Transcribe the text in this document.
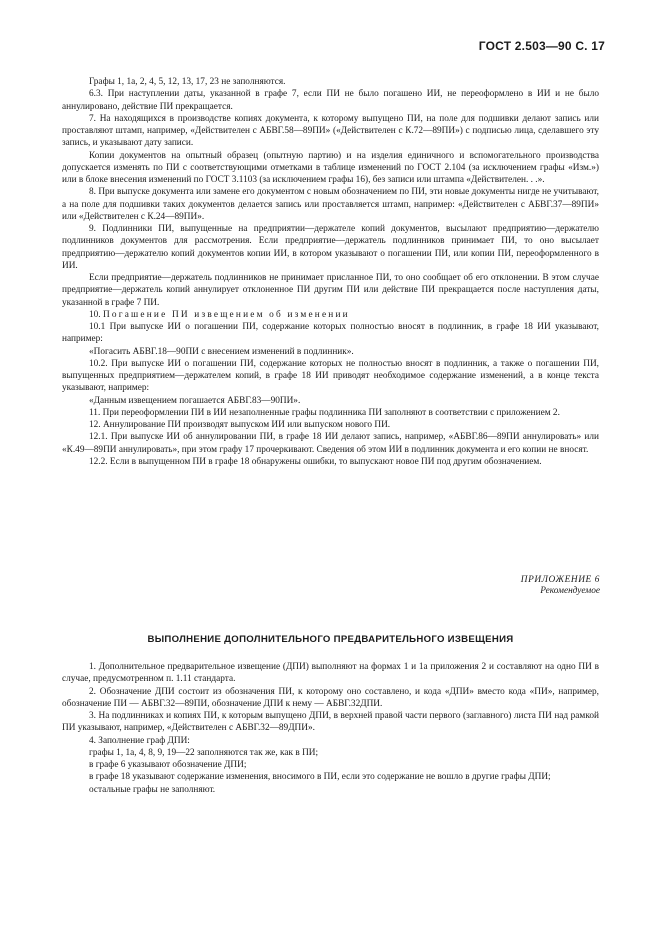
ГОСТ 2.503—90 С. 17

Графы 1, 1а, 2, 4, 5, 12, 13, 17, 23 не заполняются.

6.3. При наступлении даты, указанной в графе 7, если ПИ не было погашено ИИ, не переоформлено в ИИ и не было аннулировано, действие ПИ прекращается.

7. На находящихся в производстве копиях документа, к которому выпущено ПИ, на поле для подшивки делают запись или проставляют штамп, например, «Действителен с АБВГ.58—89ПИ» («Действителен с К.72—89ПИ») с подписью лица, сделавшего эту запись, и указывают дату записи.

Копии документов на опытный образец (опытную партию) и на изделия единичного и вспомогательного производства допускается изменять по ПИ с соответствующими отметками в таблице изменений по ГОСТ 2.104 (за исключением графы «Изм.») или в блоке внесения изменений по ГОСТ 3.1103 (за исключением графы 16), без записи или штампа «Действителен. . .».

8. При выпуске документа или замене его документом с новым обозначением по ПИ, эти новые документы нигде не учитывают, а на поле для подшивки таких документов делается запись или проставляется штамп, например: «Действителен с АБВГ.37—89ПИ» или «Действителен с К.24—89ПИ».

9. Подлинники ПИ, выпущенные на предприятии—держателе копий документов, высылают предприятию—держателю подлинников документов для рассмотрения. Если предприятие—держатель подлинников принимает ПИ, то оно высылает предприятию—держателю копий документов копии ИИ, в котором указывают о погашении ПИ, или копии ПИ, переоформленного в ИИ.

Если предприятие—держатель подлинников не принимает присланное ПИ, то оно сообщает об его отклонении. В этом случае предприятие—держатель копий аннулирует отклоненное ПИ другим ПИ или действие ПИ прекращается после наступления даты, указанной в графе 7 ПИ.

10. Погашение ПИ извещением об изменении

10.1 При выпуске ИИ о погашении ПИ, содержание которых полностью вносят в подлинник, в графе 18 ИИ указывают, например:

«Погасить АБВГ.18—90ПИ с внесением изменений в подлинник».

10.2. При выпуске ИИ о погашении ПИ, содержание которых не полностью вносят в подлинник, а также о погашении ПИ, выпущенных предприятием—держателем копий, в графе 18 ИИ приводят необходимое содержание изменений, а в конце текста указывают, например:

«Данным извещением погашается АБВГ.83—90ПИ».

11. При переоформлении ПИ в ИИ незаполненные графы подлинника ПИ заполняют в соответствии с приложением 2.

12. Аннулирование ПИ производят выпуском ИИ или выпуском нового ПИ.

12.1. При выпуске ИИ об аннулировании ПИ, в графе 18 ИИ делают запись, например, «АБВГ.86—89ПИ аннулировать» или «К.49—89ПИ аннулировать», при этом графу 17 прочеркивают. Сведения об этом ИИ в подлинник документа и его копии не вносят.

12.2. Если в выпущенном ПИ в графе 18 обнаружены ошибки, то выпускают новое ПИ под другим обозначением.

ПРИЛОЖЕНИЕ 6
Рекомендуемое
ВЫПОЛНЕНИЕ ДОПОЛНИТЕЛЬНОГО ПРЕДВАРИТЕЛЬНОГО ИЗВЕЩЕНИЯ

1. Дополнительное предварительное извещение (ДПИ) выполняют на формах 1 и 1а приложения 2 и составляют на одно ПИ в случае, предусмотренном п. 1.11 стандарта.

2. Обозначение ДПИ состоит из обозначения ПИ, к которому оно составлено, и кода «ДПИ» вместо кода «ПИ», например, обозначение ПИ — АБВГ.32—89ПИ, обозначение ДПИ к нему — АБВГ.32ДПИ.

3. На подлинниках и копиях ПИ, к которым выпущено ДПИ, в верхней правой части первого (заглавного) листа ПИ над рамкой ПИ указывают, например, «Действителен с АБВГ.32—89ДПИ».

4. Заполнение граф ДПИ:

графы 1, 1а, 4, 8, 9, 19—22 заполняются так же, как в ПИ;

в графе 6 указывают обозначение ДПИ;

в графе 18 указывают содержание изменения, вносимого в ПИ, если это содержание не вошло в другие графы ДПИ;

остальные графы не заполняют.
